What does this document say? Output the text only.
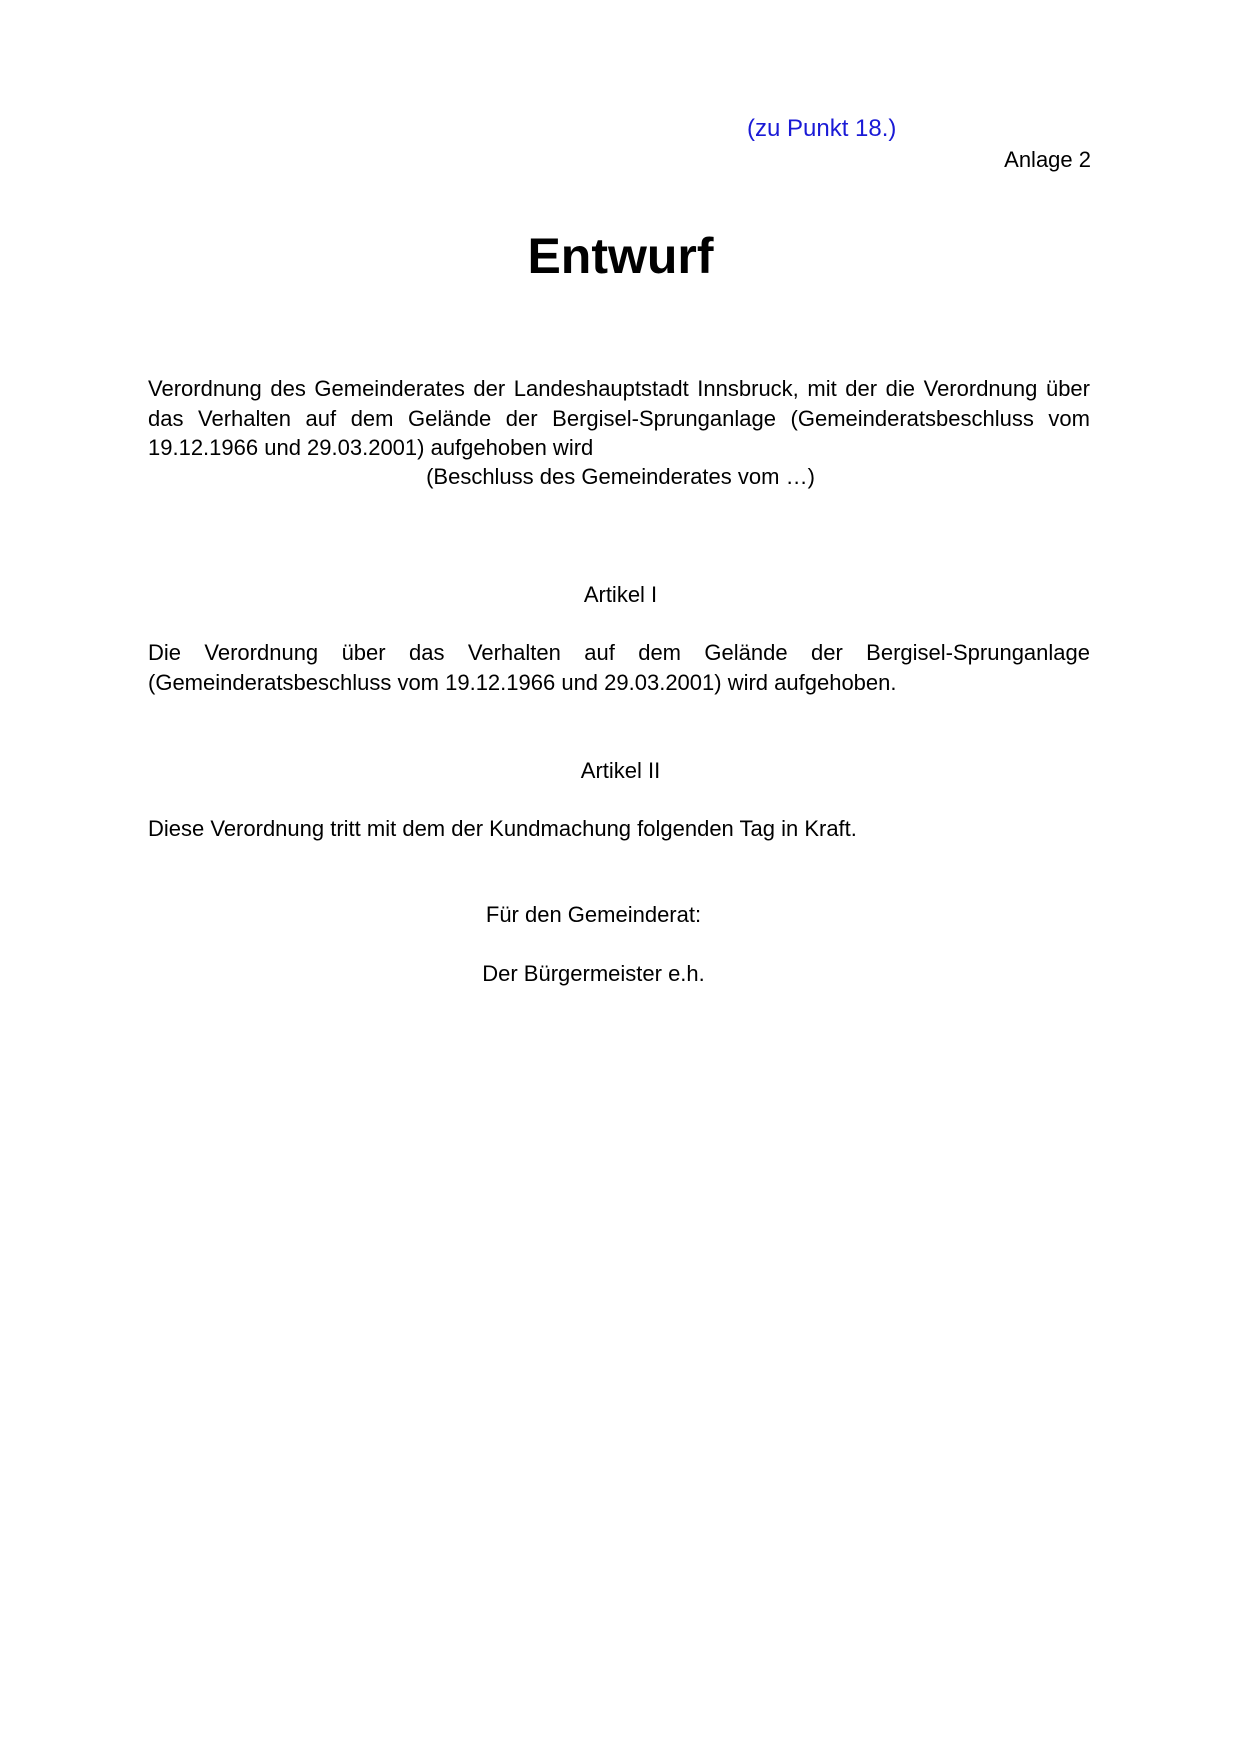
(zu Punkt 18.)
Anlage 2
Entwurf
Verordnung des Gemeinderates der Landeshauptstadt Innsbruck, mit der die Verordnung über das Verhalten auf dem Gelände der Bergisel-Sprunganlage (Gemeinderatsbeschluss vom 19.12.1966 und 29.03.2001) aufgehoben wird
(Beschluss des Gemeinderates vom …)
Artikel I
Die Verordnung über das Verhalten auf dem Gelände der Bergisel-Sprunganlage (Gemeinderatsbeschluss vom 19.12.1966 und 29.03.2001) wird aufgehoben.
Artikel II
Diese Verordnung tritt mit dem der Kundmachung folgenden Tag in Kraft.
Für den Gemeinderat:
Der Bürgermeister e.h.
